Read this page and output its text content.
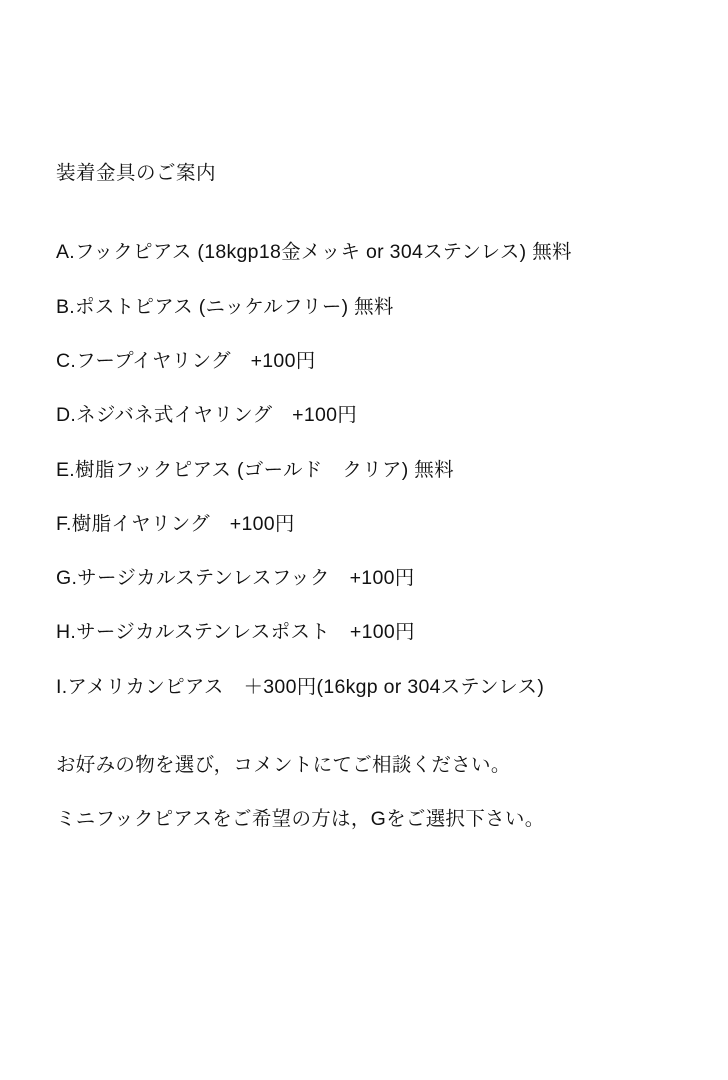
装着金具のご案内
A.フックピアス (18kgp18金メッキ or 304ステンレス) 無料
B.ポストピアス (ニッケルフリー) 無料
C.フープイヤリング　+100円
D.ネジバネ式イヤリング　+100円
E.樹脂フックピアス (ゴールド　クリア) 無料
F.樹脂イヤリング　+100円
G.サージカルステンレスフック　+100円
H.サージカルステンレスポスト　+100円
I.アメリカンピアス　＋300円(16kgp or 304ステンレス)

お好みの物を選び，コメントにてご相談ください。

ミニフックピアスをご希望の方は，Gをご選択下さい。
